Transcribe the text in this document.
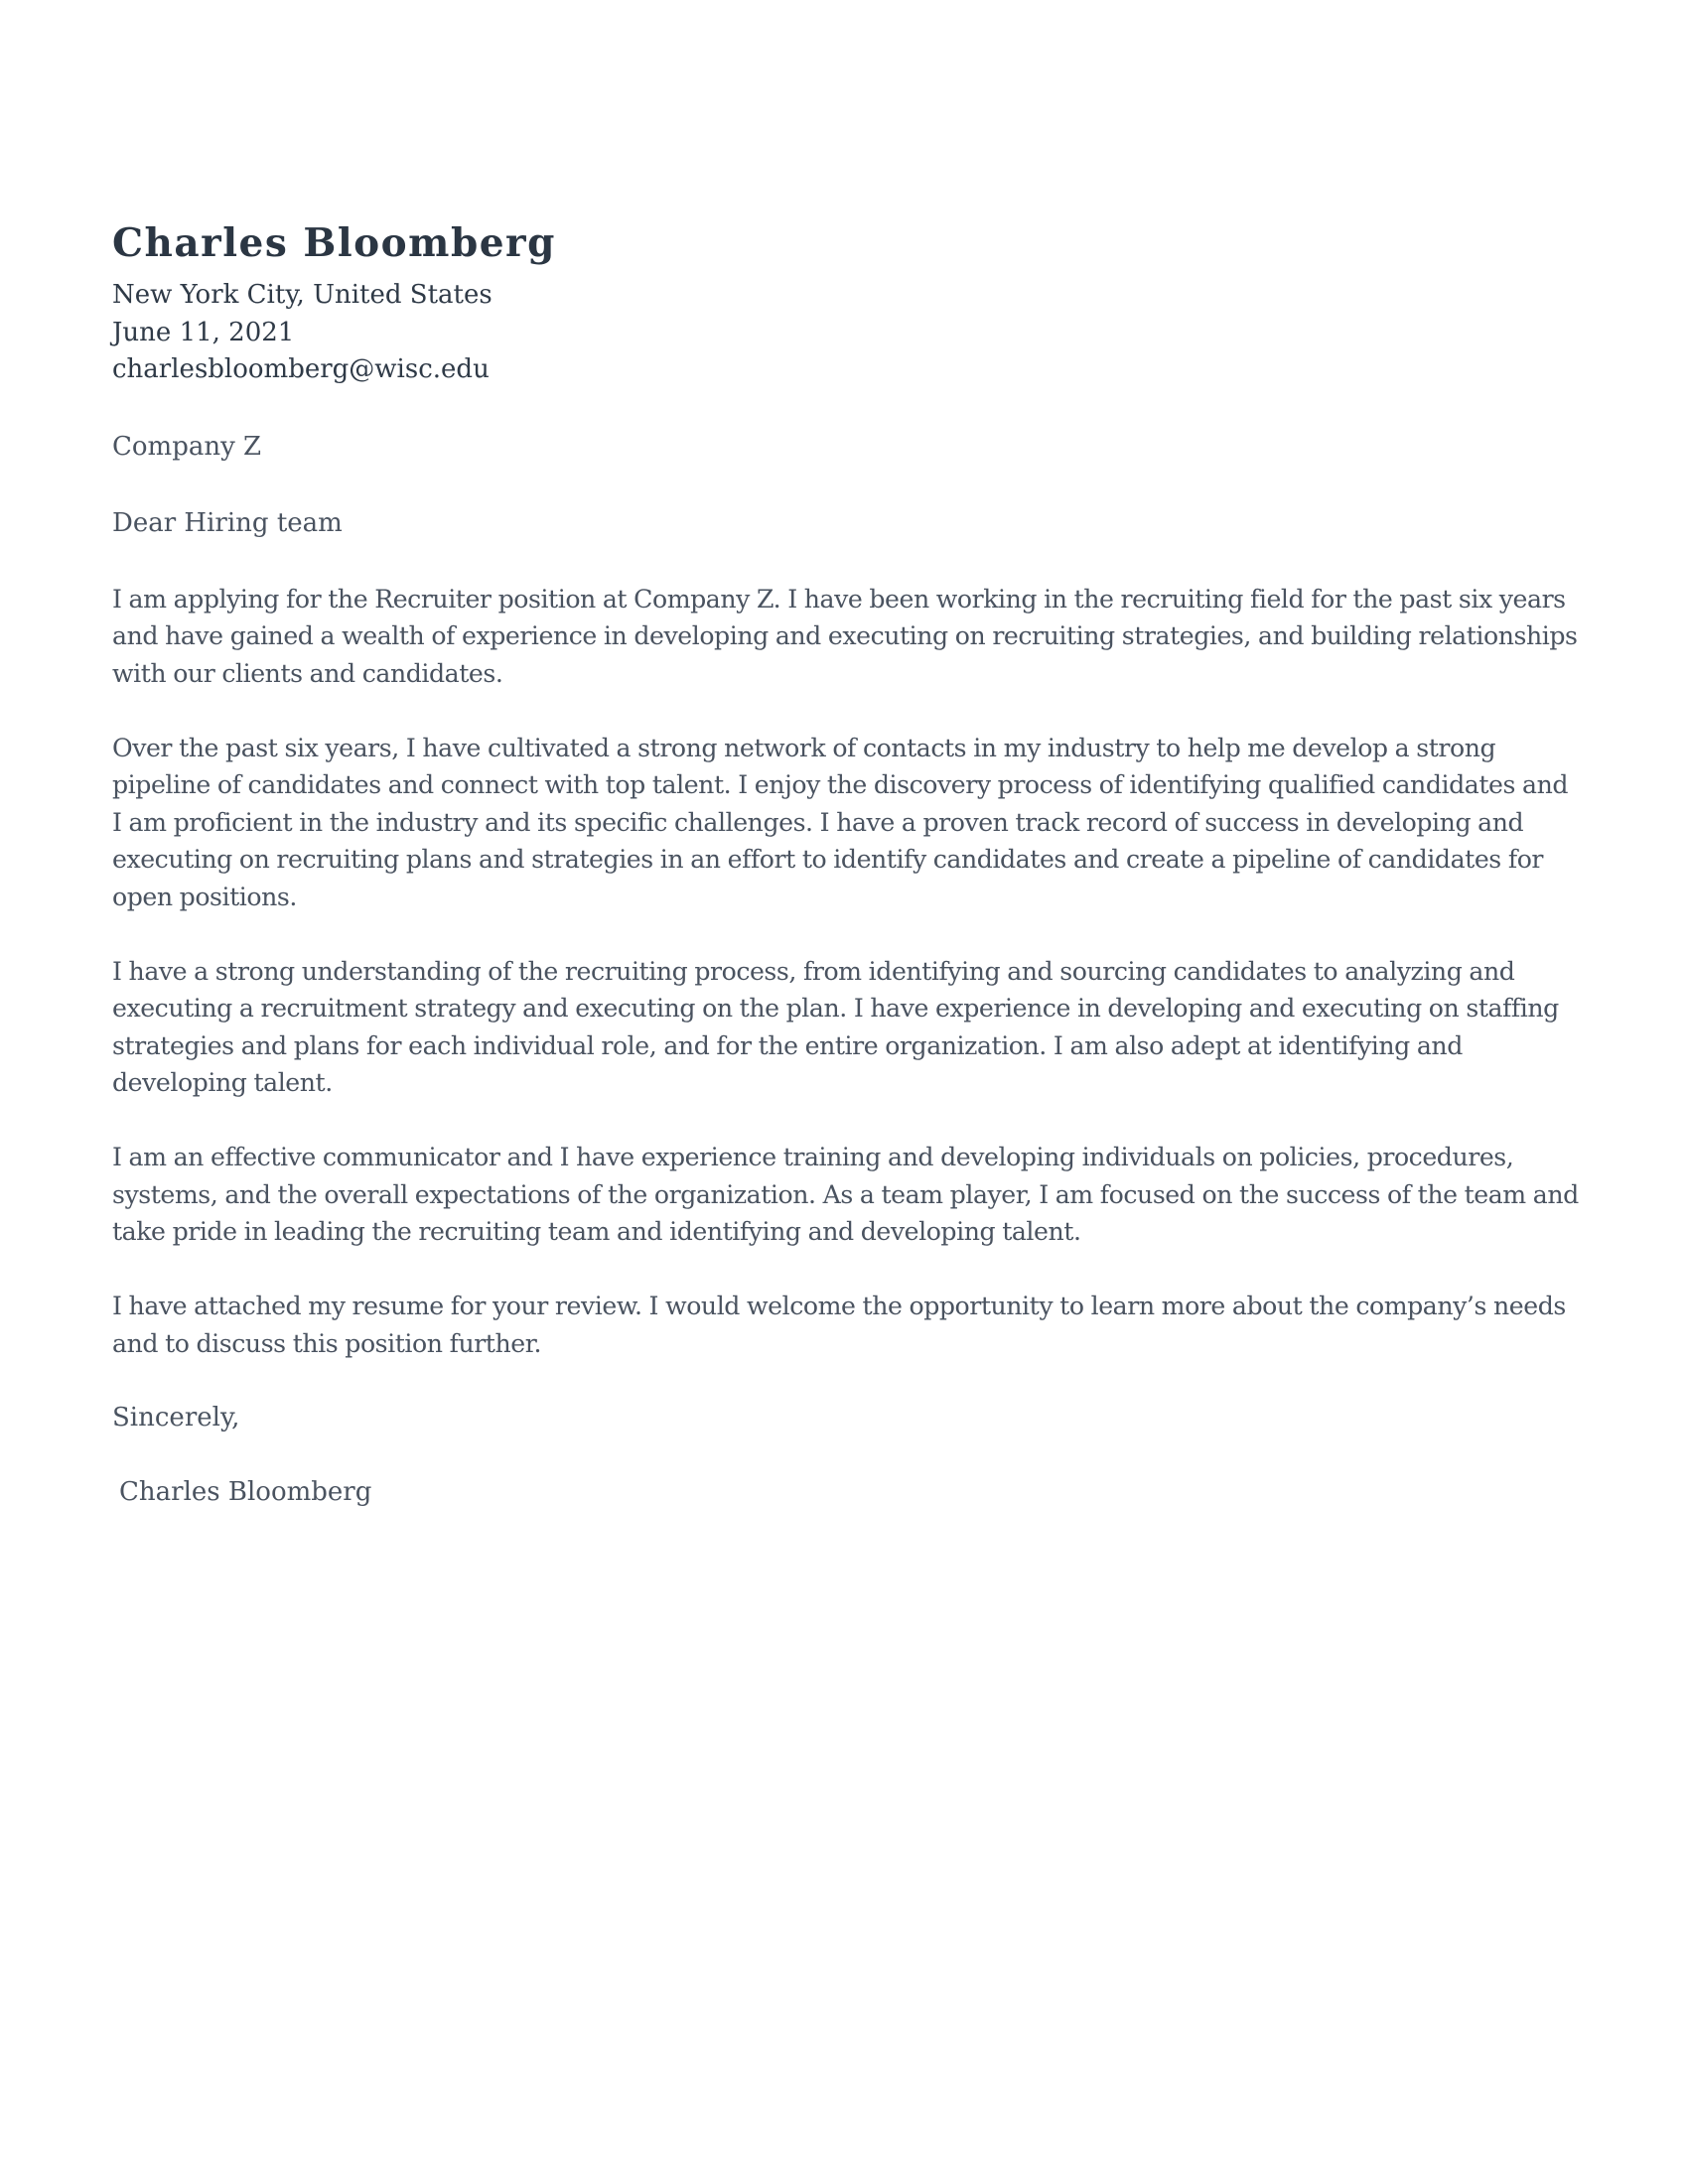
Charles Bloomberg
New York City, United States
June 11, 2021
charlesbloomberg@wisc.edu
Company Z
Dear Hiring team

I am applying for the Recruiter position at Company Z. I have been working in the recruiting field for the past six years and have gained a wealth of experience in developing and executing on recruiting strategies, and building relationships with our clients and candidates.

Over the past six years, I have cultivated a strong network of contacts in my industry to help me develop a strong pipeline of candidates and connect with top talent. I enjoy the discovery process of identifying qualified candidates and I am proficient in the industry and its specific challenges. I have a proven track record of success in developing and executing on recruiting plans and strategies in an effort to identify candidates and create a pipeline of candidates for open positions.

I have a strong understanding of the recruiting process, from identifying and sourcing candidates to analyzing and executing a recruitment strategy and executing on the plan. I have experience in developing and executing on staffing strategies and plans for each individual role, and for the entire organization. I am also adept at identifying and developing talent.

I am an effective communicator and I have experience training and developing individuals on policies, procedures, systems, and the overall expectations of the organization. As a team player, I am focused on the success of the team and take pride in leading the recruiting team and identifying and developing talent.

I have attached my resume for your review. I would welcome the opportunity to learn more about the company’s needs and to discuss this position further.

Sincerely,
Charles Bloomberg
